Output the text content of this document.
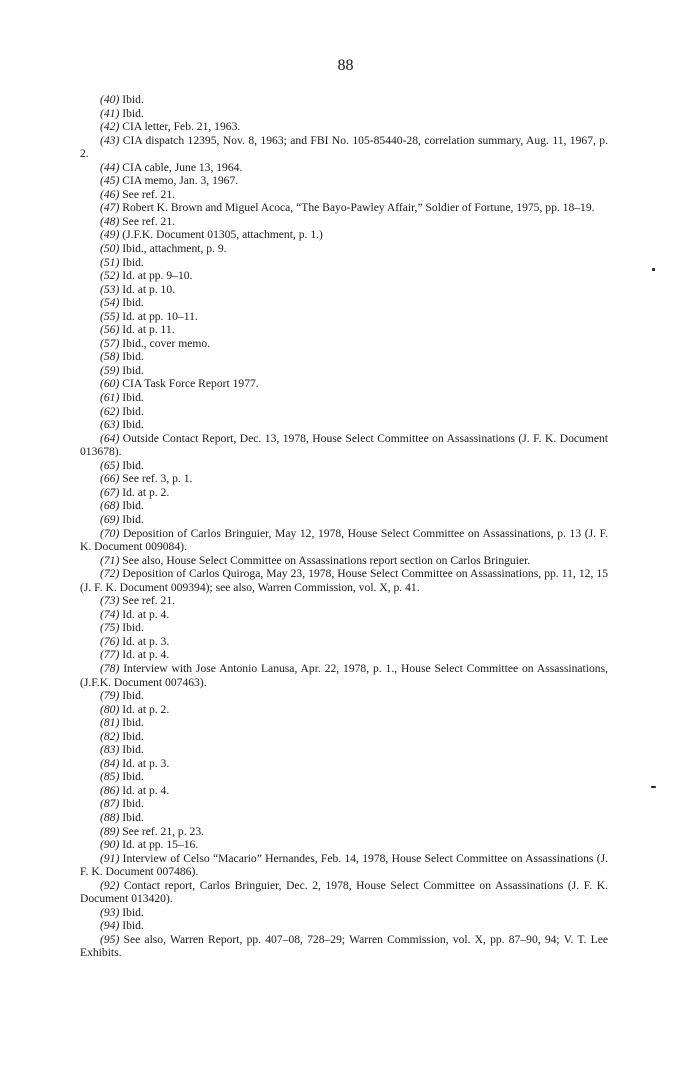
88

(40) Ibid.

(41) Ibid.

(42) CIA letter, Feb. 21, 1963.

(43) CIA dispatch 12395, Nov. 8, 1963; and FBI No. 105-85440-28, correlation summary, Aug. 11, 1967, p. 2.

(44) CIA cable, June 13, 1964.

(45) CIA memo, Jan. 3, 1967.

(46) See ref. 21.

(47) Robert K. Brown and Miguel Acoca, “The Bayo-Pawley Affair,” Soldier of Fortune, 1975, pp. 18–19.

(48) See ref. 21.

(49) (J.F.K. Document 01305, attachment, p. 1.)

(50) Ibid., attachment, p. 9.

(51) Ibid.

(52) Id. at pp. 9–10.

(53) Id. at p. 10.

(54) Ibid.

(55) Id. at pp. 10–11.

(56) Id. at p. 11.

(57) Ibid., cover memo.

(58) Ibid.

(59) Ibid.

(60) CIA Task Force Report 1977.

(61) Ibid.

(62) Ibid.

(63) Ibid.

(64) Outside Contact Report, Dec. 13, 1978, House Select Committee on Assassinations (J. F. K. Document 013678).

(65) Ibid.

(66) See ref. 3, p. 1.

(67) Id. at p. 2.

(68) Ibid.

(69) Ibid.

(70) Deposition of Carlos Bringuier, May 12, 1978, House Select Committee on Assassinations, p. 13 (J. F. K. Document 009084).

(71) See also, House Select Committee on Assassinations report section on Carlos Bringuier.

(72) Deposition of Carlos Quiroga, May 23, 1978, House Select Committee on Assassinations, pp. 11, 12, 15 (J. F. K. Document 009394); see also, Warren Commission, vol. X, p. 41.

(73) See ref. 21.

(74) Id. at p. 4.

(75) Ibid.

(76) Id. at p. 3.

(77) Id. at p. 4.

(78) Interview with Jose Antonio Lanusa, Apr. 22, 1978, p. 1., House Select Committee on Assassinations, (J.F.K. Document 007463).

(79) Ibid.

(80) Id. at p. 2.

(81) Ibid.

(82) Ibid.

(83) Ibid.

(84) Id. at p. 3.

(85) Ibid.

(86) Id. at p. 4.

(87) Ibid.

(88) Ibid.

(89) See ref. 21, p. 23.

(90) Id. at pp. 15–16.

(91) Interview of Celso “Macario” Hernandes, Feb. 14, 1978, House Select Committee on Assassinations (J. F. K. Document 007486).

(92) Contact report, Carlos Bringuier, Dec. 2, 1978, House Select Committee on Assassinations (J. F. K. Document 013420).

(93) Ibid.

(94) Ibid.

(95) See also, Warren Report, pp. 407–08, 728–29; Warren Commission, vol. X, pp. 87–90, 94; V. T. Lee Exhibits.
